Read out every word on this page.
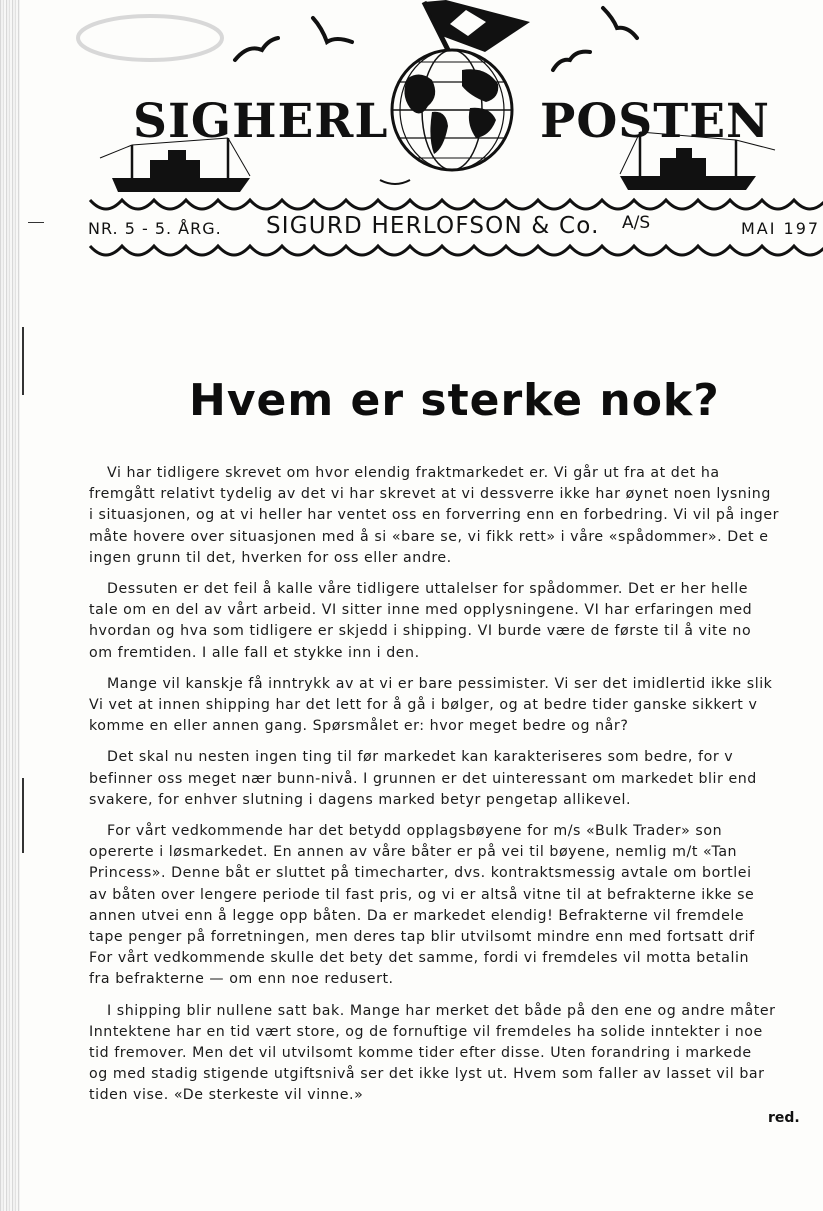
SIGHERL	POSTEN
NR. 5 - 5. ÅRG. SIGURD HERLOFSON & Co. A/S	MAI 197
Hvem er sterke nok?

Vi har tidligere skrevet om hvor elendig fraktmarkedet er. Vi går ut fra at det ha
fremgått relativt tydelig av det vi har skrevet at vi dessverre ikke har øynet noen lysning
i situasjonen, og at vi heller har ventet oss en forverring enn en forbedring. Vi vil på inger
måte hovere over situasjonen med å si «bare se, vi fikk rett» i våre «spådommer». Det e
ingen grunn til det, hverken for oss eller andre.

Dessuten er det feil å kalle våre tidligere uttalelser for spådommer. Det er her helle
tale om en del av vårt arbeid. VI sitter inne med opplysningene. VI har erfaringen med
hvordan og hva som tidligere er skjedd i shipping. VI burde være de første til å vite no
om fremtiden. I alle fall et stykke inn i den.

Mange vil kanskje få inntrykk av at vi er bare pessimister. Vi ser det imidlertid ikke slik
Vi vet at innen shipping har det lett for å gå i bølger, og at bedre tider ganske sikkert v
komme en eller annen gang. Spørsmålet er: hvor meget bedre og når?

Det skal nu nesten ingen ting til før markedet kan karakteriseres som bedre, for v
befinner oss meget nær bunn-nivå. I grunnen er det uinteressant om markedet blir end
svakere, for enhver slutning i dagens marked betyr pengetap allikevel.

For vårt vedkommende har det betydd opplagsbøyene for m/s «Bulk Trader» son
opererte i løsmarkedet. En annen av våre båter er på vei til bøyene, nemlig m/t «Tan
Princess». Denne båt er sluttet på timecharter, dvs. kontraktsmessig avtale om bortlei
av båten over lengere periode til fast pris, og vi er altså vitne til at befrakterne ikke se
annen utvei enn å legge opp båten. Da er markedet elendig! Befrakterne vil fremdele
tape penger på forretningen, men deres tap blir utvilsomt mindre enn med fortsatt drif
For vårt vedkommende skulle det bety det samme, fordi vi fremdeles vil motta betalin
fra befrakterne — om enn noe redusert.

I shipping blir nullene satt bak. Mange har merket det både på den ene og andre måter
Inntektene har en tid vært store, og de fornuftige vil fremdeles ha solide inntekter i noe
tid fremover. Men det vil utvilsomt komme tider efter disse. Uten forandring i markede
og med stadig stigende utgiftsnivå ser det ikke lyst ut. Hvem som faller av lasset vil bar
tiden vise. «De sterkeste vil vinne.»

red.
